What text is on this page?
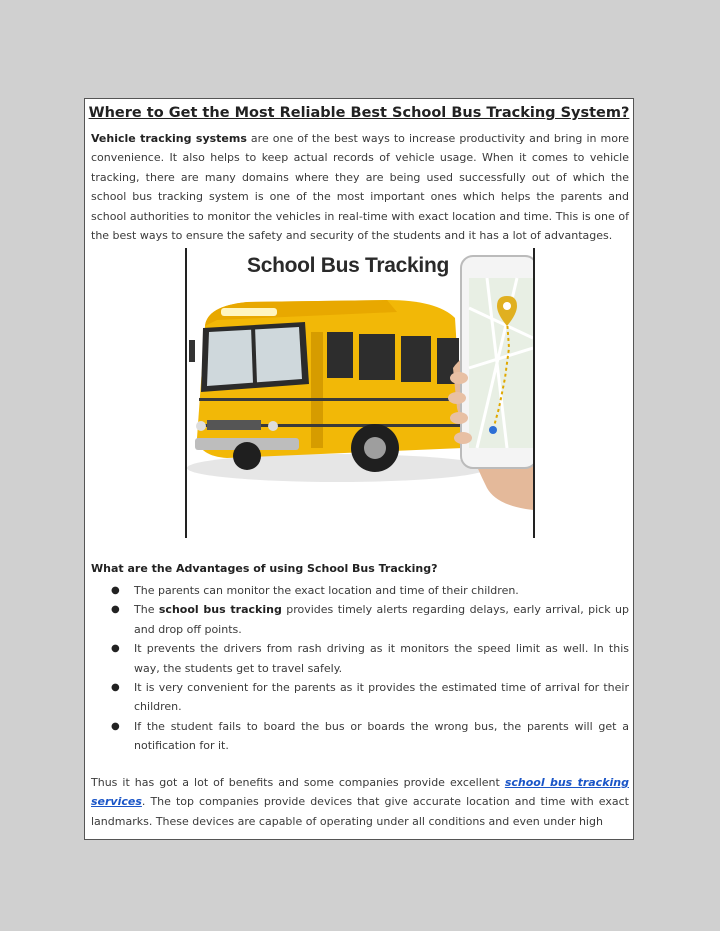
Where to Get the Most Reliable Best School Bus Tracking System?
Vehicle tracking systems are one of the best ways to increase productivity and bring in more convenience. It also helps to keep actual records of vehicle usage. When it comes to vehicle tracking, there are many domains where they are being used successfully out of which the school bus tracking system is one of the most important ones which helps the parents and school authorities to monitor the vehicles in real-time with exact location and time. This is one of the best ways to ensure the safety and security of the students and it has a lot of advantages.
School Bus Tracking
What are the Advantages of using School Bus Tracking?
● The parents can monitor the exact location and time of their children.
● The school bus tracking provides timely alerts regarding delays, early arrival, pick up and drop off points.
● It prevents the drivers from rash driving as it monitors the speed limit as well. In this way, the students get to travel safely.
● It is very convenient for the parents as it provides the estimated time of arrival for their children.
● If the student fails to board the bus or boards the wrong bus, the parents will get a notification for it.
Thus it has got a lot of benefits and some companies provide excellent school bus tracking services. The top companies provide devices that give accurate location and time with exact landmarks. These devices are capable of operating under all conditions and even under high
